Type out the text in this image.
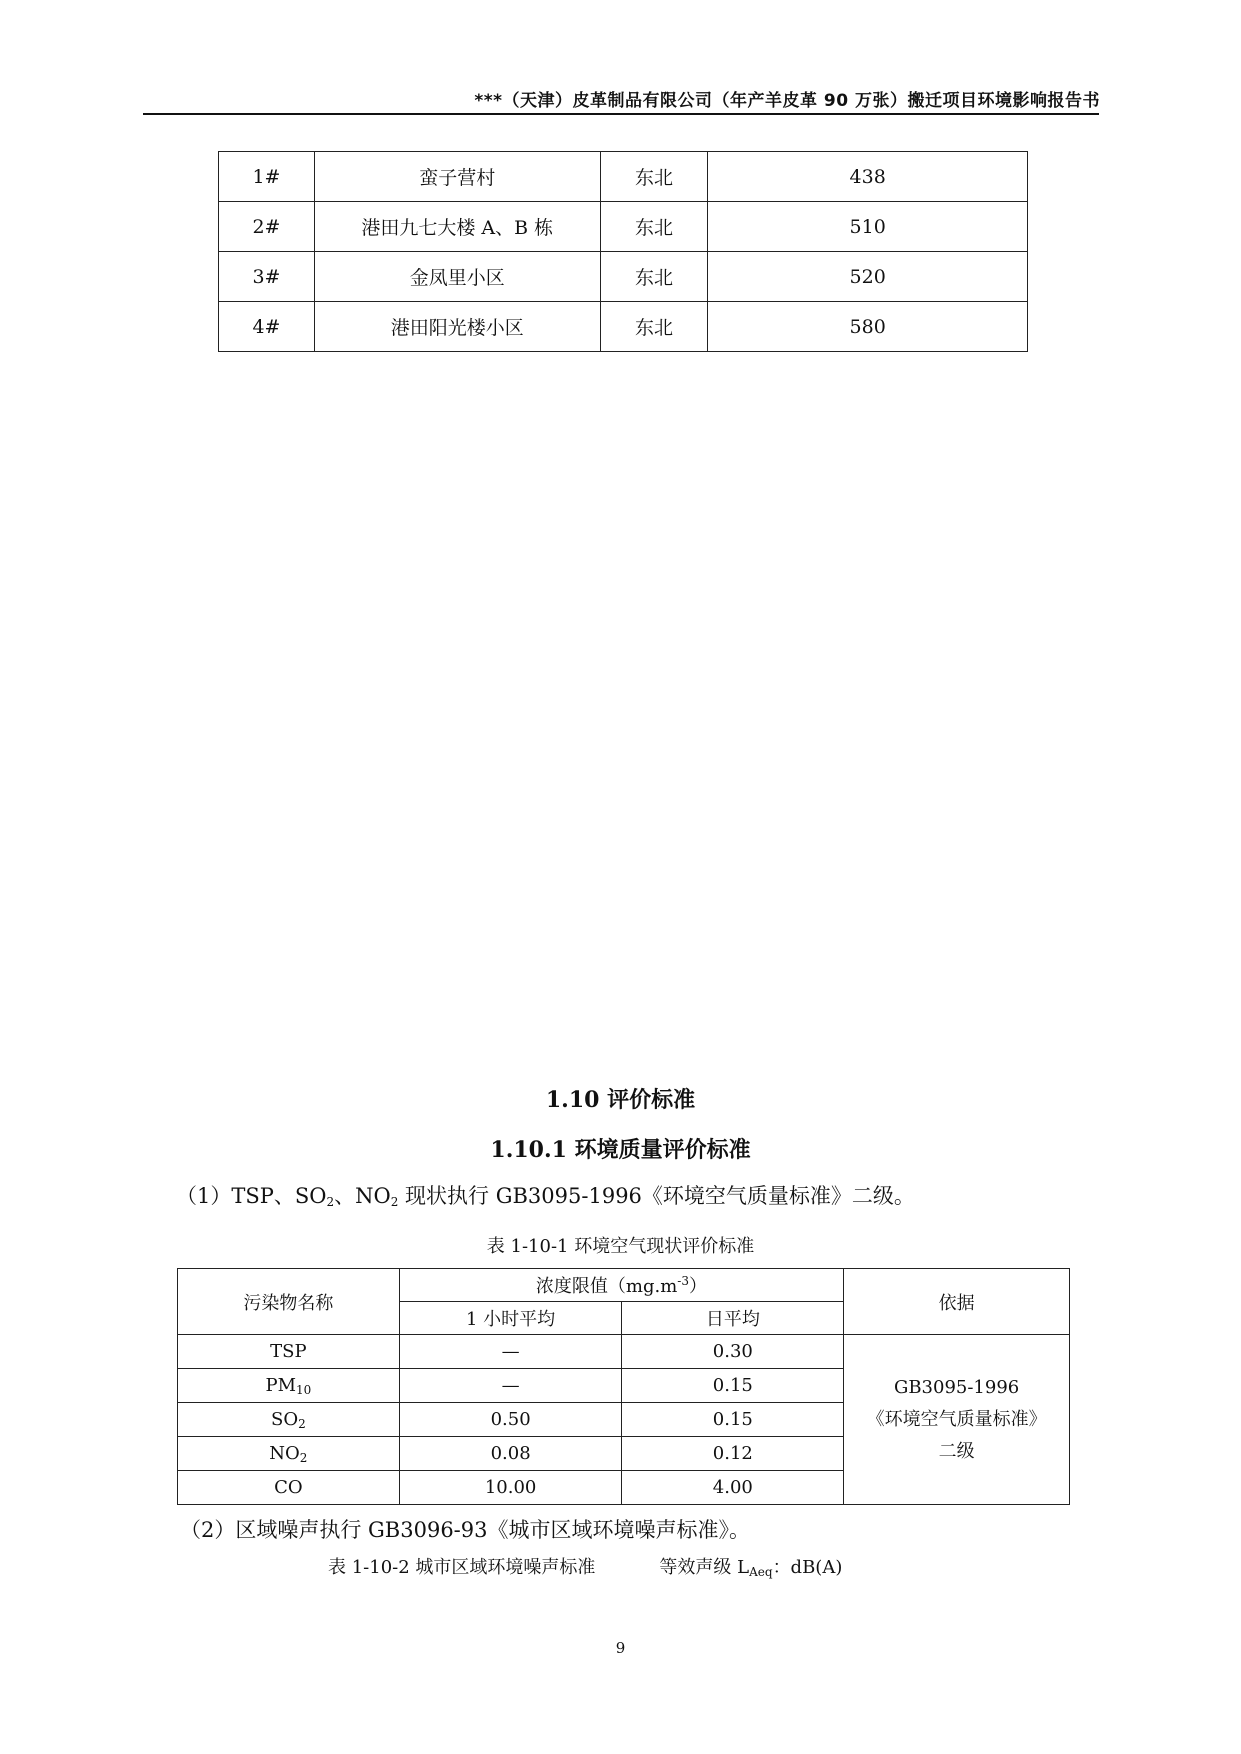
***（天津）皮革制品有限公司（年产羊皮革 90 万张）搬迁项目环境影响报告书
1#	蛮子营村	东北	438
2#	港田九七大楼 A、B 栋	东北	510
3#	金凤里小区	东北	520
4#	港田阳光楼小区	东北	580
1.10 评价标准
1.10.1 环境质量评价标准
（1）TSP、$SO_2$、$NO_2$ 现状执行 GB3095-1996《环境空气质量标准》二级。
表 1-10-1 环境空气现状评价标准
污染物名称	浓度限值$(mg.m^{-3})$		依据
	1 小时平均	日平均	
TSP	—	0.30	GB3095-1996
《环境空气质量标准》
二级

$PM_{10}$	—	0.15	
$SO_2$	0.50	0.15	
$NO_2$	0.08	0.12	
CO	10.00	4.00	
（2）区域噪声执行 GB3096-93《城市区域环境噪声标准》。
表 1-10-2 城市区域环境噪声标准	等效声级 $L_{Aeq}$：dB(A)
9
